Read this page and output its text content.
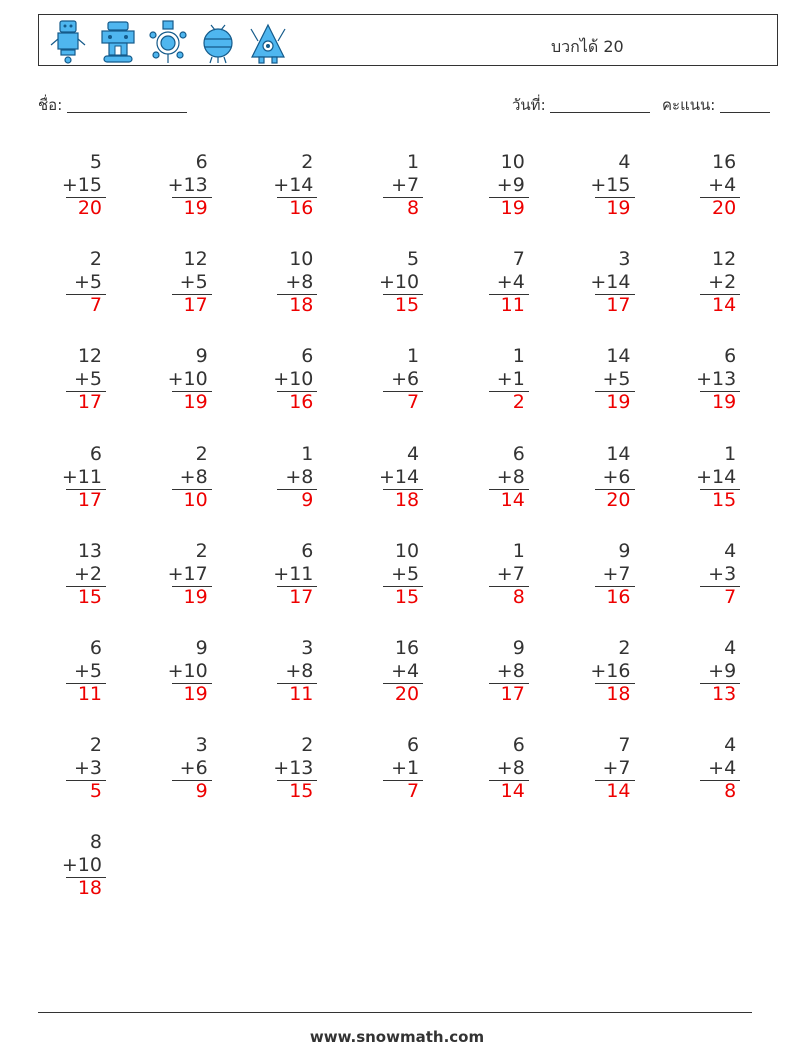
บวกได้ 20
ชื่อ:	วันที่:	คะแนน:
5
+15
20
6
+13
19
2
+14
16
1
+7
8
10
+9
19
4
+15
19
16
+4
20
2
+5
7
12
+5
17
10
+8
18
5
+10
15
7
+4
11
3
+14
17
12
+2
14
12
+5
17
9
+10
19
6
+10
16
1
+6
7
1
+1
2
14
+5
19
6
+13
19
6
+11
17
2
+8
10
1
+8
9
4
+14
18
6
+8
14
14
+6
20
1
+14
15
13
+2
15
2
+17
19
6
+11
17
10
+5
15
1
+7
8
9
+7
16
4
+3
7
6
+5
11
9
+10
19
3
+8
11
16
+4
20
9
+8
17
2
+16
18
4
+9
13
2
+3
5
3
+6
9
2
+13
15
6
+1
7
6
+8
14
7
+7
14
4
+4
8
8
+10
18
www.snowmath.com
